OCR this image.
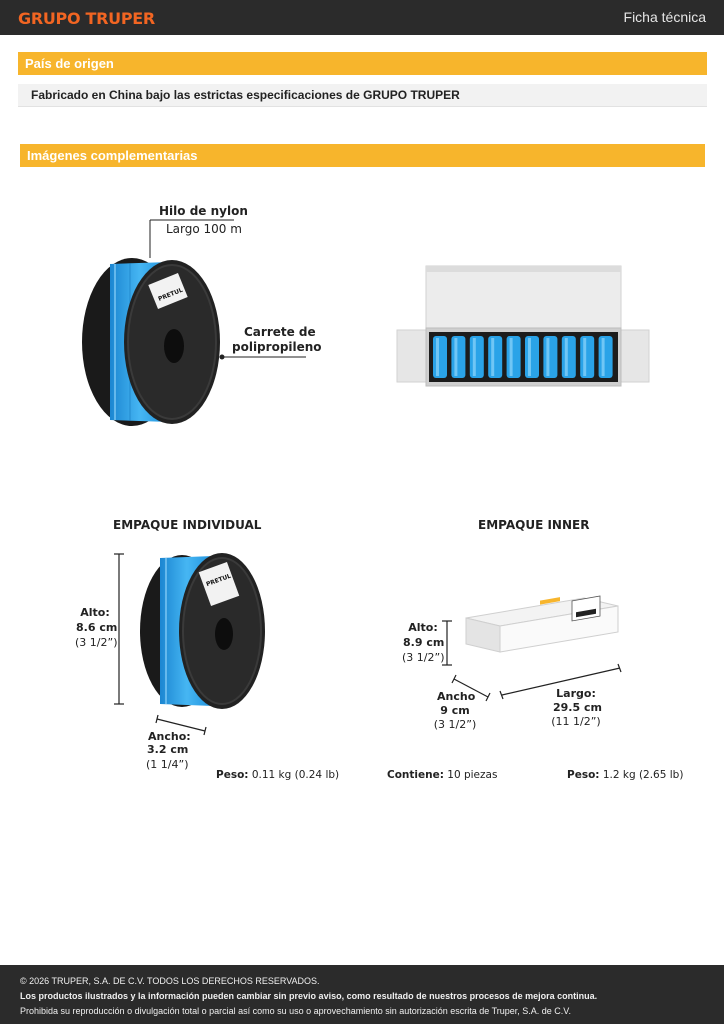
GRUPO TRUPER	Ficha técnica
País de origen
Fabricado en China bajo las estrictas especificaciones de GRUPO TRUPER
Imágenes complementarias
PRETUL
Hilo de nylon
Largo 100 m
Carrete de
polipropileno
EMPAQUE INDIVIDUAL
PRETUL
Alto:
8.6 cm
(3 1/2”)
Ancho:
3.2 cm
(1 1/4”)
Peso: 0.11 kg (0.24 lb)
EMPAQUE INNER
Alto:
8.9 cm
(3 1/2”)
Ancho
9 cm
(3 1/2”)
Largo:
29.5 cm
(11 1/2”)
Contiene: 10 piezas	Peso: 1.2 kg (2.65 lb)
© 2026 TRUPER, S.A. DE C.V. TODOS LOS DERECHOS RESERVADOS.
Los productos ilustrados y la información pueden cambiar sin previo aviso, como resultado de nuestros procesos de mejora continua.
Prohibida su reproducción o divulgación total o parcial así como su uso o aprovechamiento sin autorización escrita de Truper, S.A. de C.V.
